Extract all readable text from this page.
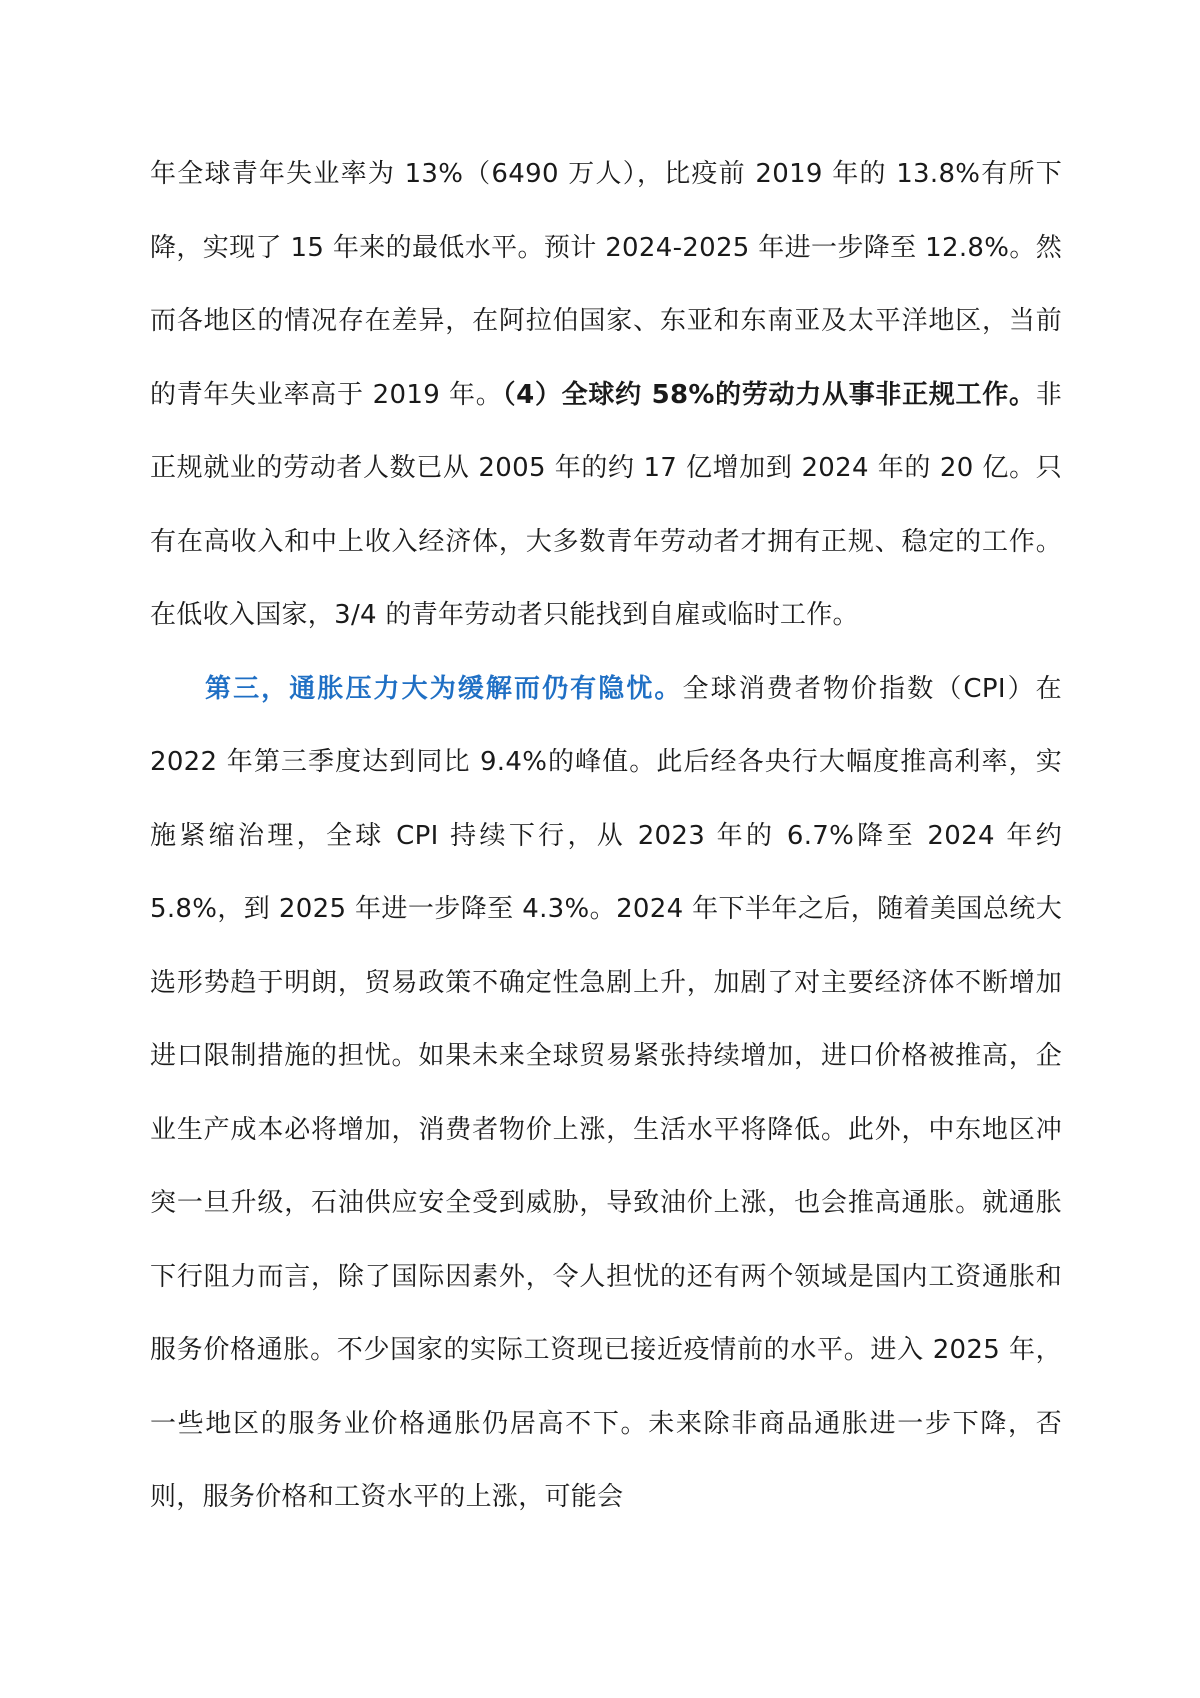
年全球青年失业率为 13%（6490 万人），比疫前 2019 年的 13.8%有所下降，实现了 15 年来的最低水平。预计 2024-2025 年进一步降至 12.8%。然而各地区的情况存在差异，在阿拉伯国家、东亚和东南亚及太平洋地区，当前的青年失业率高于 2019 年。（4）全球约 58%的劳动力从事非正规工作。非正规就业的劳动者人数已从 2005 年的约 17 亿增加到 2024 年的 20 亿。只有在高收入和中上收入经济体，大多数青年劳动者才拥有正规、稳定的工作。在低收入国家，3/4 的青年劳动者只能找到自雇或临时工作。

第三，通胀压力大为缓解而仍有隐忧。全球消费者物价指数（CPI）在 2022 年第三季度达到同比 9.4%的峰值。此后经各央行大幅度推高利率，实施紧缩治理，全球 CPI 持续下行，从 2023 年的 6.7%降至 2024 年约 5.8%，到 2025 年进一步降至 4.3%。2024 年下半年之后，随着美国总统大选形势趋于明朗，贸易政策不确定性急剧上升，加剧了对主要经济体不断增加进口限制措施的担忧。如果未来全球贸易紧张持续增加，进口价格被推高，企业生产成本必将增加，消费者物价上涨，生活水平将降低。此外，中东地区冲突一旦升级，石油供应安全受到威胁，导致油价上涨，也会推高通胀。就通胀下行阻力而言，除了国际因素外，令人担忧的还有两个领域是国内工资通胀和服务价格通胀。不少国家的实际工资现已接近疫情前的水平。进入 2025 年，一些地区的服务业价格通胀仍居高不下。未来除非商品通胀进一步下降，否则，服务价格和工资水平的上涨，可能会
